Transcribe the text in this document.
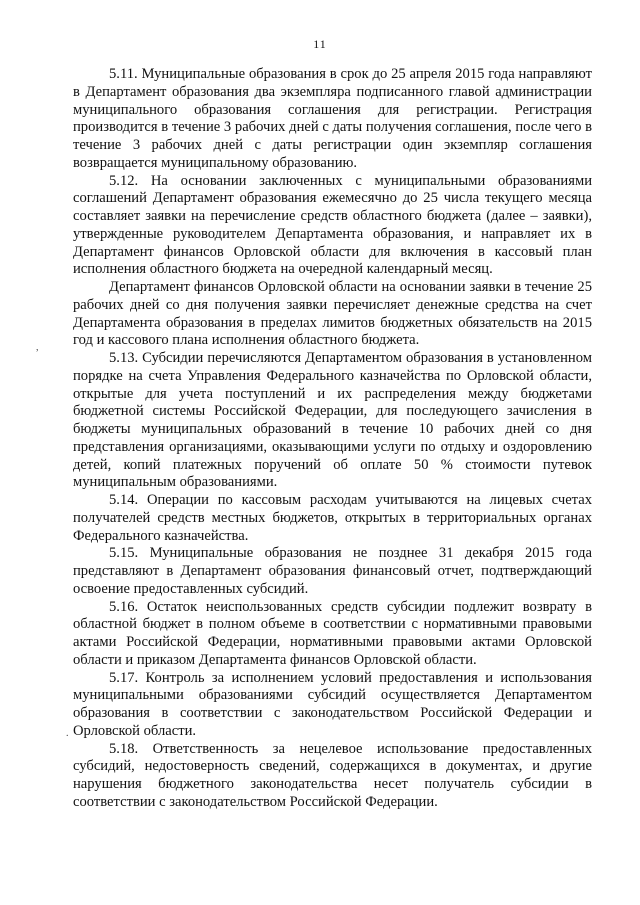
11
,
.

5.11. Муниципальные образования в срок до 25 апреля 2015 года направляют в Департамент образования два экземпляра подписанного главой администрации муниципального образования соглашения для регистрации. Регистрация производится в течение 3 рабочих дней с даты получения соглашения, после чего в течение 3 рабочих дней с даты регистрации один экземпляр соглашения возвращается муниципальному образованию.

5.12. На основании заключенных с муниципальными образованиями соглашений Департамент образования ежемесячно до 25 числа текущего месяца составляет заявки на перечисление средств областного бюджета (далее – заявки), утвержденные руководителем Департамента образования, и направляет их в Департамент финансов Орловской области для включения в кассовый план исполнения областного бюджета на очередной календарный месяц.

Департамент финансов Орловской области на основании заявки в течение 25 рабочих дней со дня получения заявки перечисляет денежные средства на счет Департамента образования в пределах лимитов бюджетных обязательств на 2015 год и кассового плана исполнения областного бюджета.

5.13. Субсидии перечисляются Департаментом образования в установленном порядке на счета Управления Федерального казначейства по Орловской области, открытые для учета поступлений и их распределения между бюджетами бюджетной системы Российской Федерации, для последующего зачисления в бюджеты муниципальных образований в течение 10 рабочих дней со дня представления организациями, оказывающими услуги по отдыху и оздоровлению детей, копий платежных поручений об оплате 50 % стоимости путевок муниципальным образованиями.

5.14. Операции по кассовым расходам учитываются на лицевых счетах получателей средств местных бюджетов, открытых в территориальных органах Федерального казначейства.

5.15. Муниципальные образования не позднее 31 декабря 2015 года представляют в Департамент образования финансовый отчет, подтверждающий освоение предоставленных субсидий.

5.16. Остаток неиспользованных средств субсидии подлежит возврату в областной бюджет в полном объеме в соответствии с нормативными правовыми актами Российской Федерации, нормативными правовыми актами Орловской области и приказом Департамента финансов Орловской области.

5.17. Контроль за исполнением условий предоставления и использования муниципальными образованиями субсидий осуществляется Департаментом образования в соответствии с законодательством Российской Федерации и Орловской области.

5.18. Ответственность за нецелевое использование предоставленных субсидий, недостоверность сведений, содержащихся в документах, и другие нарушения бюджетного законодательства несет получатель субсидии в соответствии с законодательством Российской Федерации.
